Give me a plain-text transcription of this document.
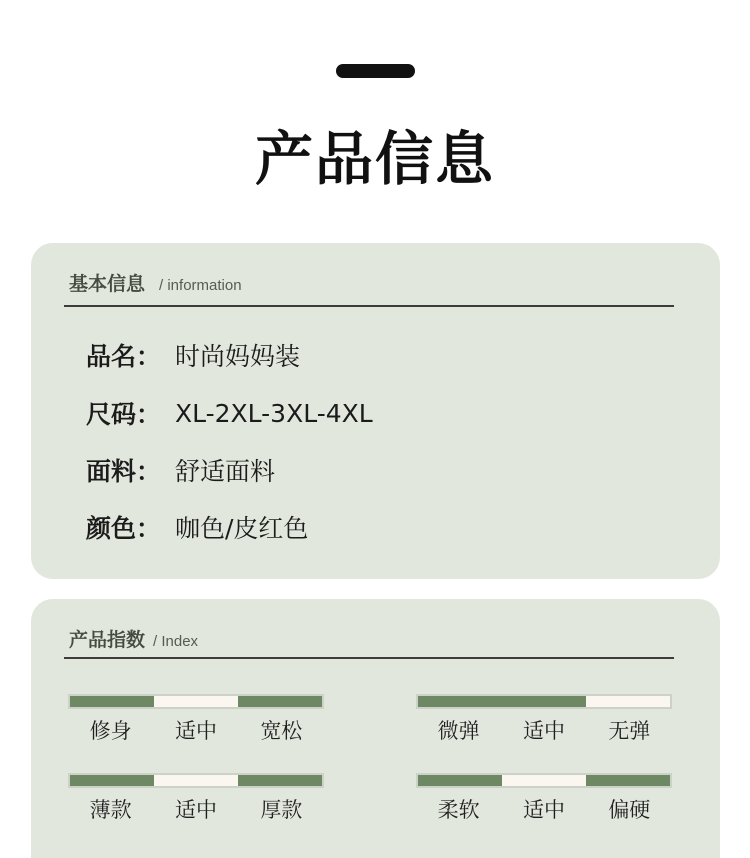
产品信息
基本信息 / information
品名： 时尚妈妈装
尺码： XL-2XL-3XL-4XL
面料： 舒适面料
颜色： 咖色/皮红色
产品指数 / Index
修身	适中	宽松	微弹	适中	无弹
薄款	适中	厚款	柔软	适中	偏硬
